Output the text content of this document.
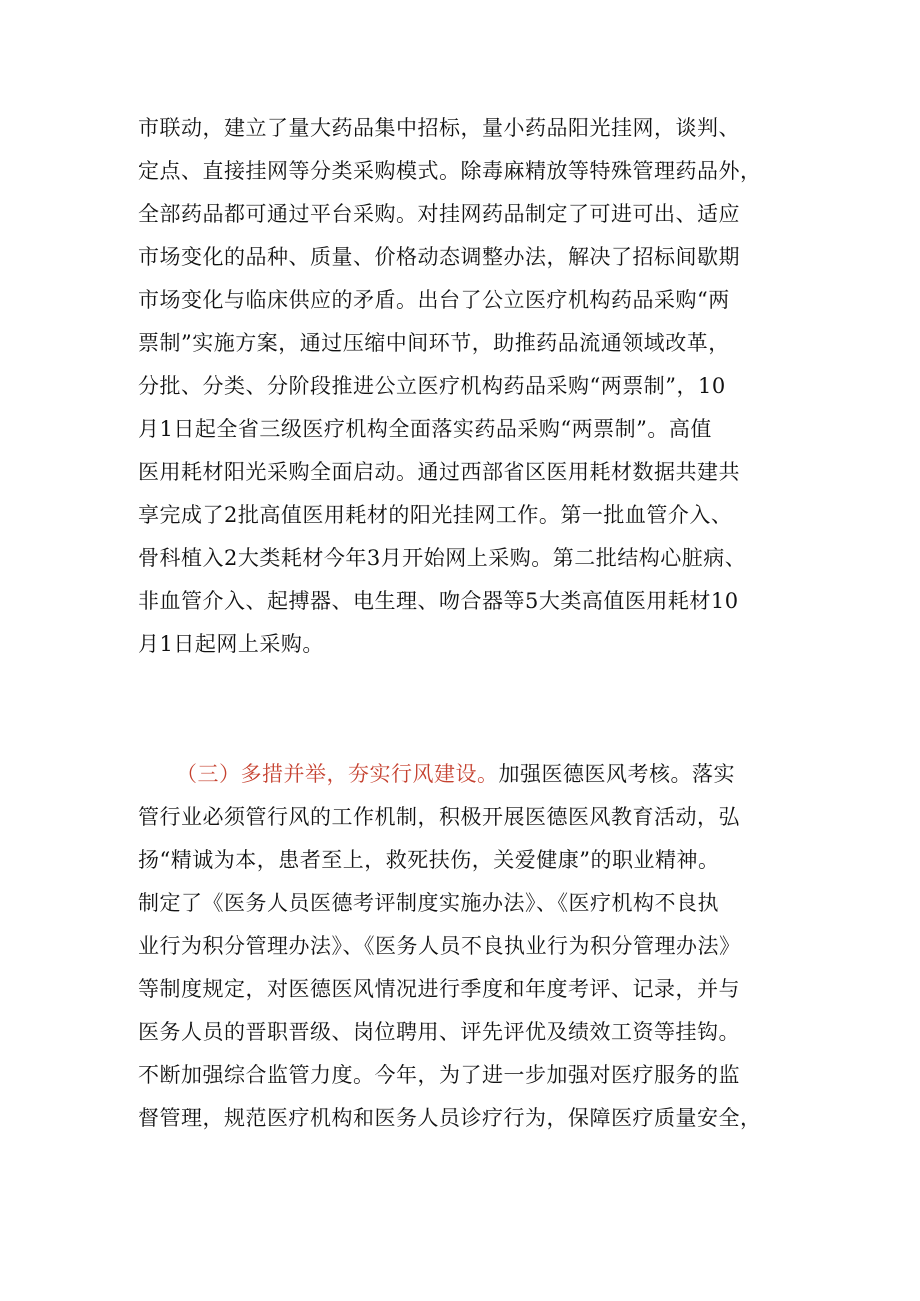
市联动，建立了量大药品集中招标，量小药品阳光挂网，谈判、
定点、直接挂网等分类采购模式。除毒麻精放等特殊管理药品外，
全部药品都可通过平台采购。对挂网药品制定了可进可出、适应
市场变化的品种、质量、价格动态调整办法，解决了招标间歇期
市场变化与临床供应的矛盾。出台了公立医疗机构药品采购“两
票制”实施方案，通过压缩中间环节，助推药品流通领域改革，
分批、分类、分阶段推进公立医疗机构药品采购“两票制”，10
月1日起全省三级医疗机构全面落实药品采购“两票制”。高值
医用耗材阳光采购全面启动。通过西部省区医用耗材数据共建共
享完成了2批高值医用耗材的阳光挂网工作。第一批血管介入、
骨科植入2大类耗材今年3月开始网上采购。第二批结构心脏病、
非血管介入、起搏器、电生理、吻合器等5大类高值医用耗材10
月1日起网上采购。
（三）多措并举，夯实行风建设。加强医德医风考核。落实
管行业必须管行风的工作机制，积极开展医德医风教育活动，弘
扬“精诚为本，患者至上，救死扶伤，关爱健康”的职业精神。
制定了《医务人员医德考评制度实施办法》、《医疗机构不良执
业行为积分管理办法》、《医务人员不良执业行为积分管理办法》
等制度规定，对医德医风情况进行季度和年度考评、记录，并与
医务人员的晋职晋级、岗位聘用、评先评优及绩效工资等挂钩。
不断加强综合监管力度。今年，为了进一步加强对医疗服务的监
督管理，规范医疗机构和医务人员诊疗行为，保障医疗质量安全，
